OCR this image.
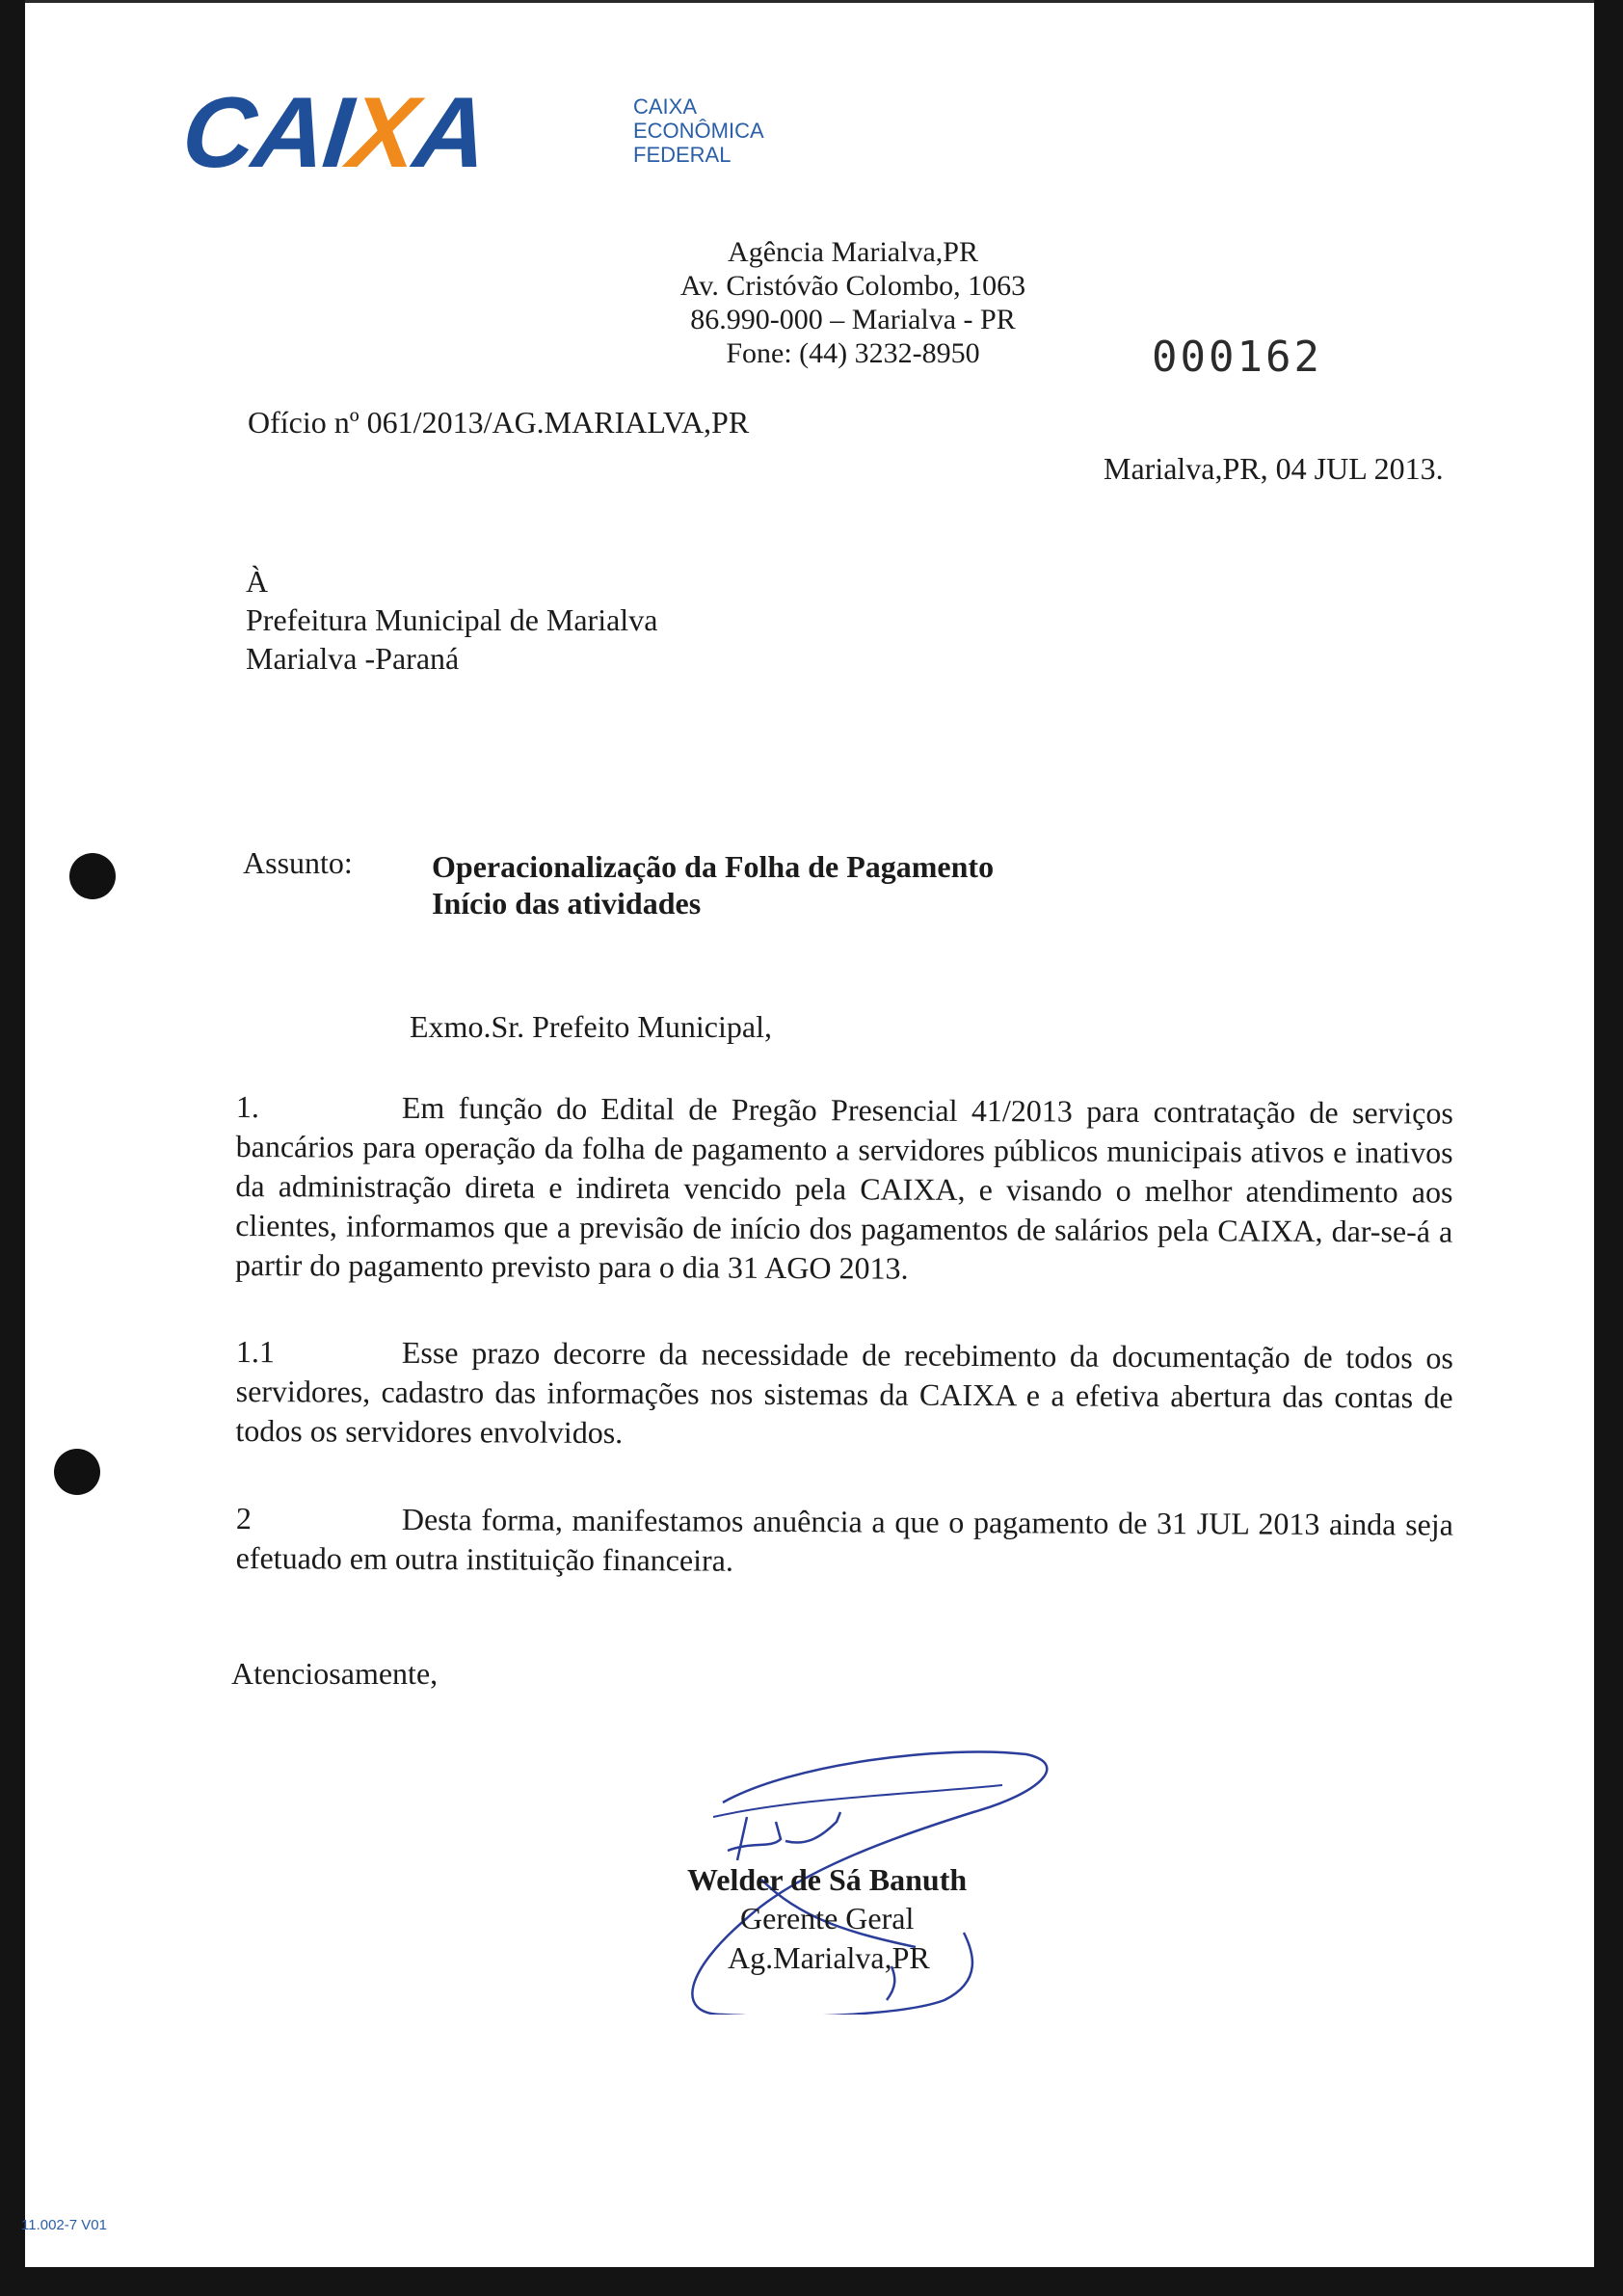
CAIXA	CAIXA
ECONÔMICA
FEDERAL
Agência Marialva,PR
Av. Cristóvão Colombo, 1063
86.990-000 – Marialva - PR
Fone: (44) 3232-8950	000162
Ofício nº 061/2013/AG.MARIALVA,PR
Marialva,PR, 04 JUL 2013.
À
Prefeitura Municipal de Marialva
Marialva -Paraná
Assunto:	Operacionalização da Folha de Pagamento
Início das atividades
Exmo.Sr. Prefeito Municipal,
1.	Em função do Edital de Pregão Presencial 41/2013 para contratação de serviços bancários para operação da folha de pagamento a servidores públicos municipais ativos e inativos da administração direta e indireta vencido pela CAIXA, e visando o melhor atendimento aos clientes, informamos que a previsão de início dos pagamentos de salários pela CAIXA, dar-se-á a partir do pagamento previsto para o dia 31 AGO 2013.
1.1	Esse prazo decorre da necessidade de recebimento da documentação de todos os servidores, cadastro das informações nos sistemas da CAIXA e a efetiva abertura das contas de todos os servidores envolvidos.
2	Desta forma, manifestamos anuência a que o pagamento de 31 JUL 2013 ainda seja efetuado em outra instituição financeira.
Atenciosamente,
Welder de Sá Banuth
Gerente Geral
Ag.Marialva,PR
11.002-7 V01
